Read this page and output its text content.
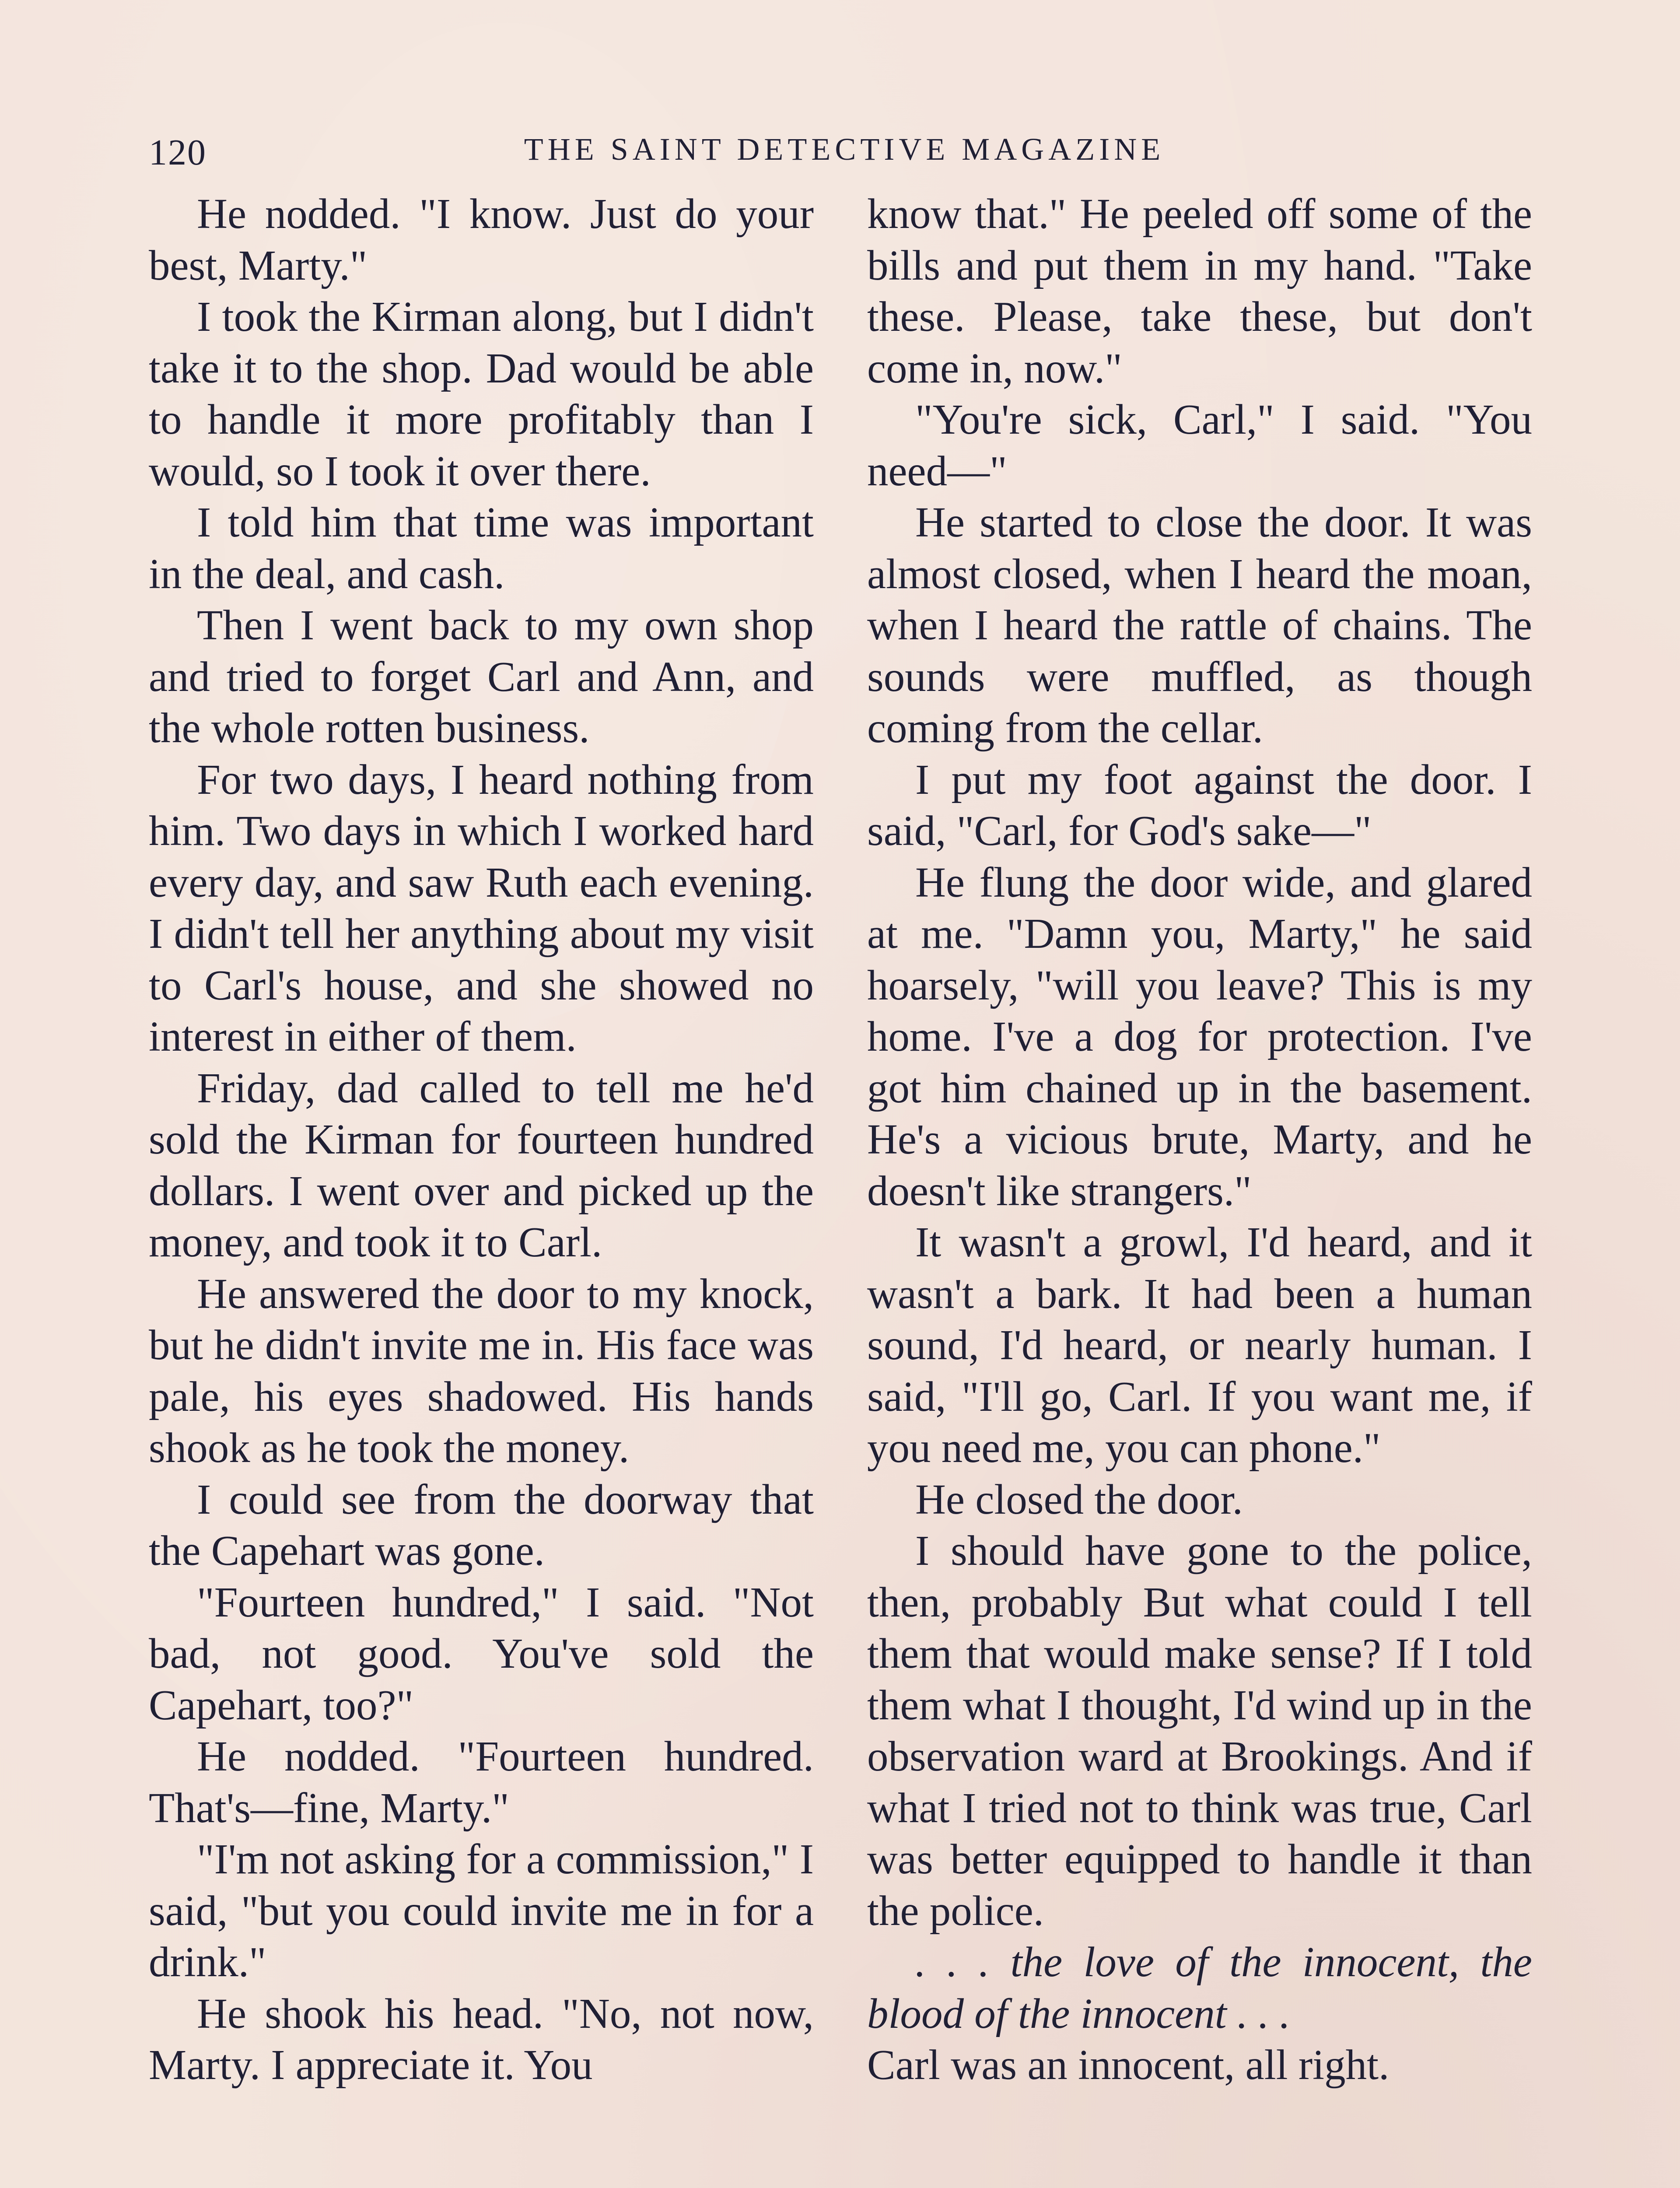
120	THE SAINT DETECTIVE MAGAZINE

He nodded. "I know. Just do your best, Marty."

I took the Kirman along, but I didn't take it to the shop. Dad would be able to handle it more profitably than I would, so I took it over there.

I told him that time was important in the deal, and cash.

Then I went back to my own shop and tried to forget Carl and Ann, and the whole rotten business.

For two days, I heard nothing from him. Two days in which I worked hard every day, and saw Ruth each evening. I didn't tell her anything about my visit to Carl's house, and she showed no interest in either of them.

Friday, dad called to tell me he'd sold the Kirman for fourteen hundred dollars. I went over and picked up the money, and took it to Carl.

He answered the door to my knock, but he didn't invite me in. His face was pale, his eyes shadowed. His hands shook as he took the money.

I could see from the doorway that the Capehart was gone.

"Fourteen hundred," I said. "Not bad, not good. You've sold the Capehart, too?"

He nodded. "Fourteen hundred. That's—fine, Marty."

"I'm not asking for a commission," I said, "but you could invite me in for a drink."

He shook his head. "No, not now, Marty. I appreciate it. You

know that." He peeled off some of the bills and put them in my hand. "Take these. Please, take these, but don't come in, now."

"You're sick, Carl," I said. "You need—"

He started to close the door. It was almost closed, when I heard the moan, when I heard the rattle of chains. The sounds were muffled, as though coming from the cellar.

I put my foot against the door. I said, "Carl, for God's sake—"

He flung the door wide, and glared at me. "Damn you, Marty," he said hoarsely, "will you leave? This is my home. I've a dog for protection. I've got him chained up in the basement. He's a vicious brute, Marty, and he doesn't like strangers."

It wasn't a growl, I'd heard, and it wasn't a bark. It had been a human sound, I'd heard, or nearly human. I said, "I'll go, Carl. If you want me, if you need me, you can phone."

He closed the door.

I should have gone to the police, then, probably But what could I tell them that would make sense? If I told them what I thought, I'd wind up in the observation ward at Brookings. And if what I tried not to think was true, Carl was better equipped to handle it than the police.

. . . the love of the innocent, the blood of the innocent . . .

Carl was an innocent, all right.
